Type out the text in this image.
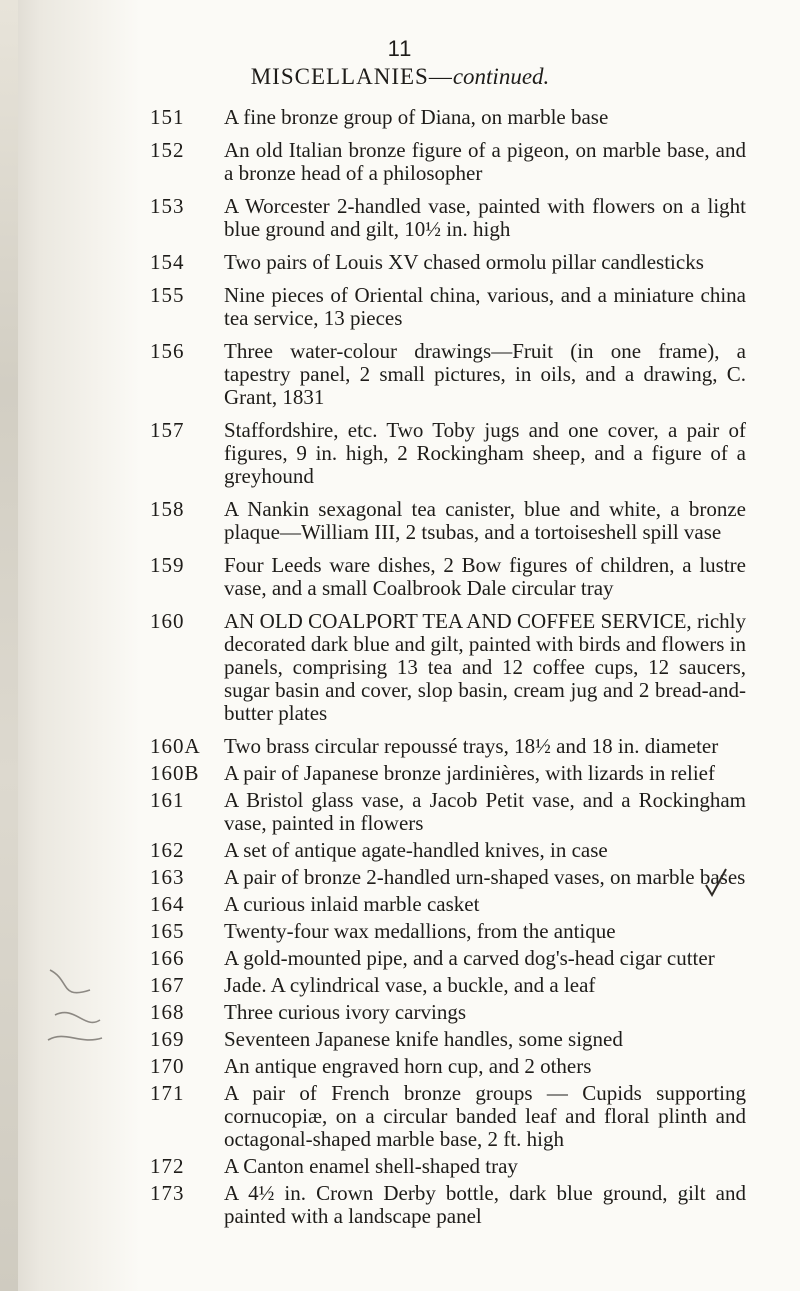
11
MISCELLANIES—continued.
151	A fine bronze group of Diana, on marble base
152	An old Italian bronze figure of a pigeon, on marble base, and a bronze head of a philosopher
153	A Worcester 2-handled vase, painted with flowers on a light blue ground and gilt, 10½ in. high
154	Two pairs of Louis XV chased ormolu pillar candlesticks
155	Nine pieces of Oriental china, various, and a miniature china tea service, 13 pieces
156	Three water-colour drawings—Fruit (in one frame), a tapestry panel, 2 small pictures, in oils, and a drawing, C. Grant, 1831
157	Staffordshire, etc. Two Toby jugs and one cover, a pair of figures, 9 in. high, 2 Rockingham sheep, and a figure of a greyhound
158	A Nankin sexagonal tea canister, blue and white, a bronze plaque—William III, 2 tsubas, and a tortoiseshell spill vase
159	Four Leeds ware dishes, 2 Bow figures of children, a lustre vase, and a small Coalbrook Dale circular tray
160	AN OLD COALPORT TEA AND COFFEE SERVICE, richly decorated dark blue and gilt, painted with birds and flowers in panels, comprising 13 tea and 12 coffee cups, 12 saucers, sugar basin and cover, slop basin, cream jug and 2 bread-and-butter plates
160A Two brass circular repoussé trays, 18½ and 18 in. diameter
160B A pair of Japanese bronze jardinières, with lizards in relief
161	A Bristol glass vase, a Jacob Petit vase, and a Rockingham vase, painted in flowers
162	A set of antique agate-handled knives, in case
163	A pair of bronze 2-handled urn-shaped vases, on marble bases
164	A curious inlaid marble casket
165	Twenty-four wax medallions, from the antique
166	A gold-mounted pipe, and a carved dog's-head cigar cutter
167	Jade. A cylindrical vase, a buckle, and a leaf
168	Three curious ivory carvings
169	Seventeen Japanese knife handles, some signed
170	An antique engraved horn cup, and 2 others
171	A pair of French bronze groups — Cupids supporting cornucopiæ, on a circular banded leaf and floral plinth and octagonal-shaped marble base, 2 ft. high
172	A Canton enamel shell-shaped tray
173	A 4½ in. Crown Derby bottle, dark blue ground, gilt and painted with a landscape panel
